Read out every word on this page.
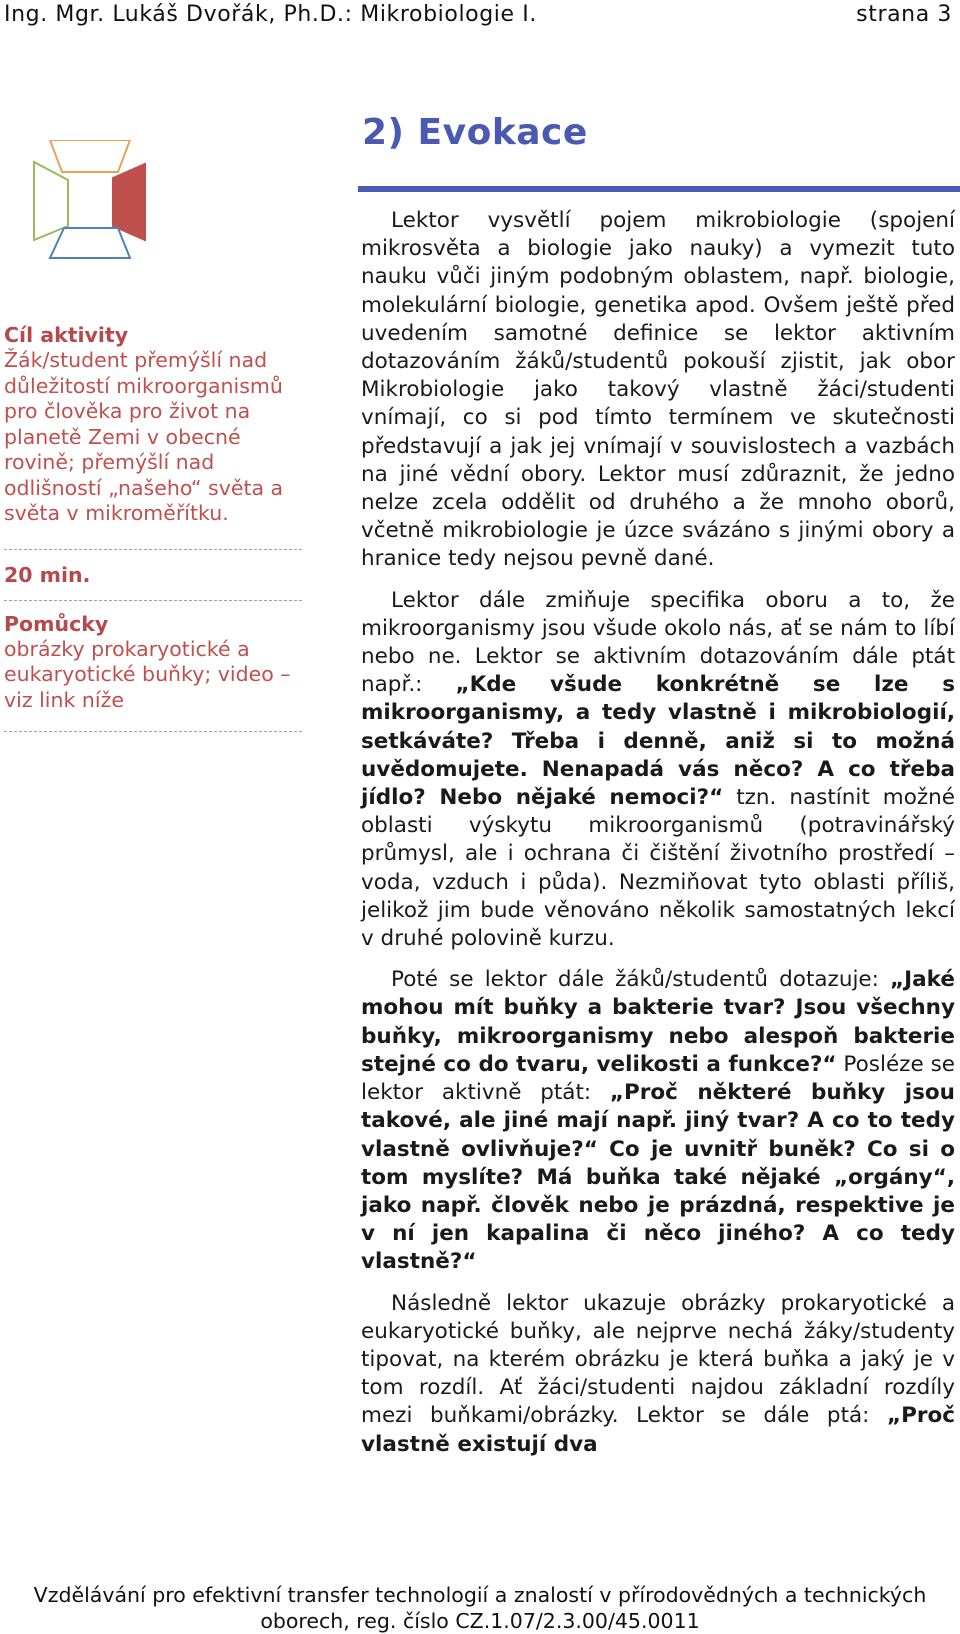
Ing. Mgr. Lukáš Dvořák, Ph.D.: Mikrobiologie I.	strana 3
Cíl aktivity
Žák/student přemýšlí nad důležitostí mikroorganismů pro člověka pro život na planetě Zemi v obecné rovině; přemýšlí nad odlišností „našeho“ světa a světa v mikroměřítku.
20 min.
Pomůcky
obrázky prokaryotické a eukaryotické buňky; video – viz link níže
2) Evokace

Lektor vysvětlí pojem mikrobiologie (spojení mikrosvěta a biologie jako nauky) a vymezit tuto nauku vůči jiným podobným oblastem, např. biologie, molekulární biologie, genetika apod. Ovšem ještě před uvedením samotné definice se lektor aktivním dotazováním žáků/studentů pokouší zjistit, jak obor Mikrobiologie jako takový vlastně žáci/studenti vnímají, co si pod tímto termínem ve skutečnosti představují a jak jej vnímají v souvislostech a vazbách na jiné vědní obory. Lektor musí zdůraznit, že jedno nelze zcela oddělit od druhého a že mnoho oborů, včetně mikrobiologie je úzce svázáno s jinými obory a hranice tedy nejsou pevně dané.

Lektor dále zmiňuje specifika oboru a to, že mikroorganismy jsou všude okolo nás, ať se nám to líbí nebo ne. Lektor se aktivním dotazováním dále ptát např.: „Kde všude konkrétně se lze s mikroorganismy, a tedy vlastně i mikrobiologií, setkáváte? Třeba i denně, aniž si to možná uvědomujete. Nenapadá vás něco? A co třeba jídlo? Nebo nějaké nemoci?“ tzn. nastínit možné oblasti výskytu mikroorganismů (potravinářský průmysl, ale i ochrana či čištění životního prostředí – voda, vzduch i půda). Nezmiňovat tyto oblasti příliš, jelikož jim bude věnováno několik samostatných lekcí v druhé polovině kurzu.

Poté se lektor dále žáků/studentů dotazuje: „Jaké mohou mít buňky a bakterie tvar? Jsou všechny buňky, mikroorganismy nebo alespoň bakterie stejné co do tvaru, velikosti a funkce?“ Posléze se lektor aktivně ptát: „Proč některé buňky jsou takové, ale jiné mají např. jiný tvar? A co to tedy vlastně ovlivňuje?“ Co je uvnitř buněk? Co si o tom myslíte? Má buňka také nějaké „orgány“, jako např. člověk nebo je prázdná, respektive je v ní jen kapalina či něco jiného? A co tedy vlastně?“

Následně lektor ukazuje obrázky prokaryotické a eukaryotické buňky, ale nejprve nechá žáky/studenty tipovat, na kterém obrázku je která buňka a jaký je v tom rozdíl. Ať žáci/studenti najdou základní rozdíly mezi buňkami/obrázky. Lektor se dále ptá: „Proč vlastně existují dva

Vzdělávání pro efektivní transfer technologií a znalostí v přírodovědných a technických
oborech, reg. číslo CZ.1.07/2.3.00/45.0011
